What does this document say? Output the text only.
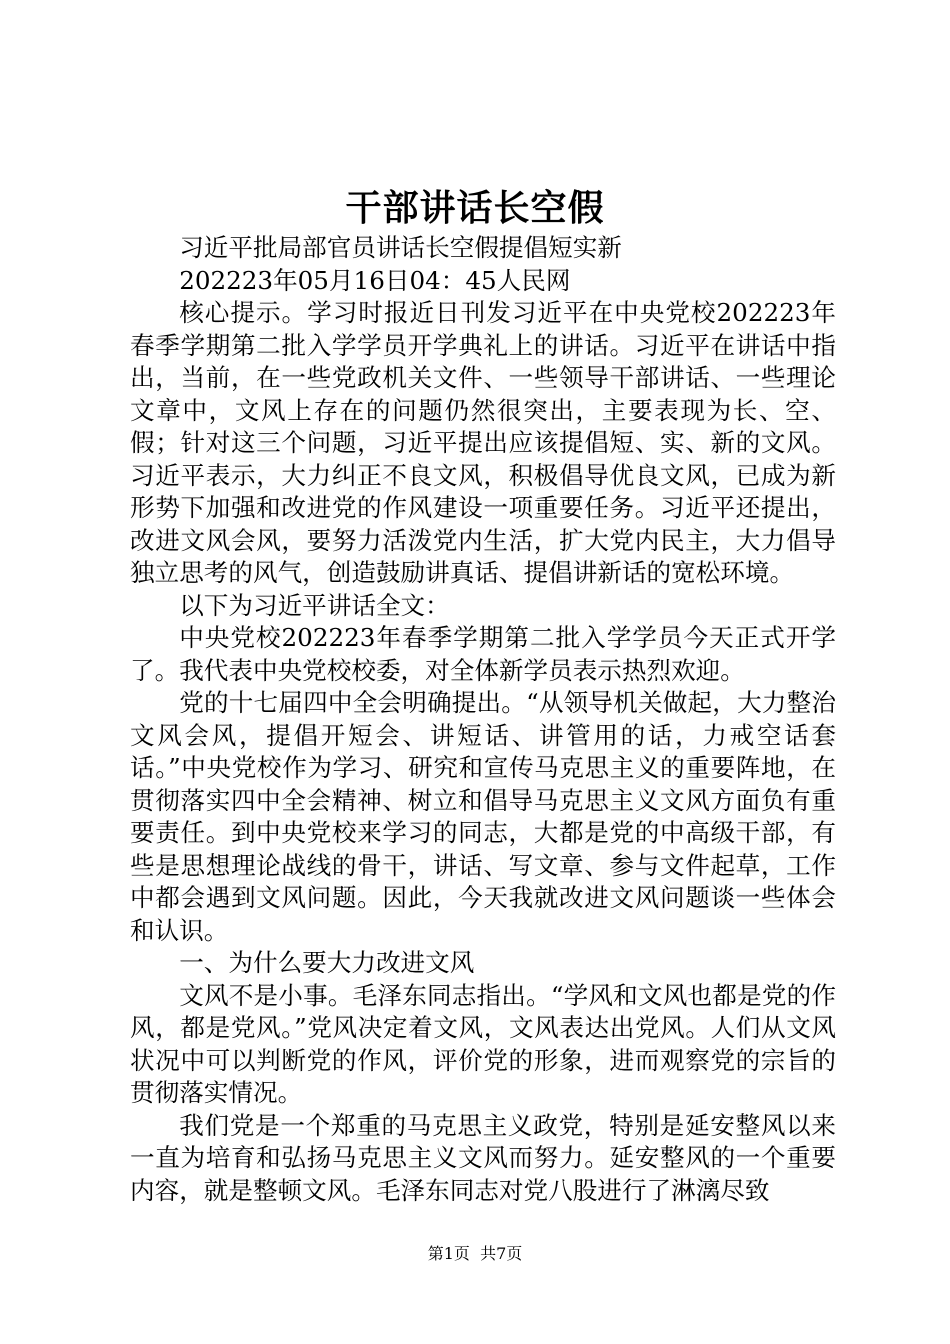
干部讲话长空假

习近平批局部官员讲话长空假提倡短实新

202223年05月16日04：45人民网

核心提示。学习时报近日刊发习近平在中央党校202223年春季学期第二批入学学员开学典礼上的讲话。习近平在讲话中指出，当前，在一些党政机关文件、一些领导干部讲话、一些理论文章中，文风上存在的问题仍然很突出，主要表现为长、空、假；针对这三个问题，习近平提出应该提倡短、实、新的文风。习近平表示，大力纠正不良文风，积极倡导优良文风，已成为新形势下加强和改进党的作风建设一项重要任务。习近平还提出，改进文风会风，要努力活泼党内生活，扩大党内民主，大力倡导独立思考的风气，创造鼓励讲真话、提倡讲新话的宽松环境。

以下为习近平讲话全文：

中央党校202223年春季学期第二批入学学员今天正式开学了。我代表中央党校校委，对全体新学员表示热烈欢迎。

党的十七届四中全会明确提出。“从领导机关做起，大力整治文风会风，提倡开短会、讲短话、讲管用的话，力戒空话套话。”中央党校作为学习、研究和宣传马克思主义的重要阵地，在贯彻落实四中全会精神、树立和倡导马克思主义文风方面负有重要责任。到中央党校来学习的同志，大都是党的中高级干部，有些是思想理论战线的骨干，讲话、写文章、参与文件起草，工作中都会遇到文风问题。因此，今天我就改进文风问题谈一些体会和认识。

一、为什么要大力改进文风

文风不是小事。毛泽东同志指出。“学风和文风也都是党的作风，都是党风。”党风决定着文风，文风表达出党风。人们从文风状况中可以判断党的作风，评价党的形象，进而观察党的宗旨的贯彻落实情况。

我们党是一个郑重的马克思主义政党，特别是延安整风以来一直为培育和弘扬马克思主义文风而努力。延安整风的一个重要内容，就是整顿文风。毛泽东同志对党八股进行了淋漓尽致

第1页 共7页
